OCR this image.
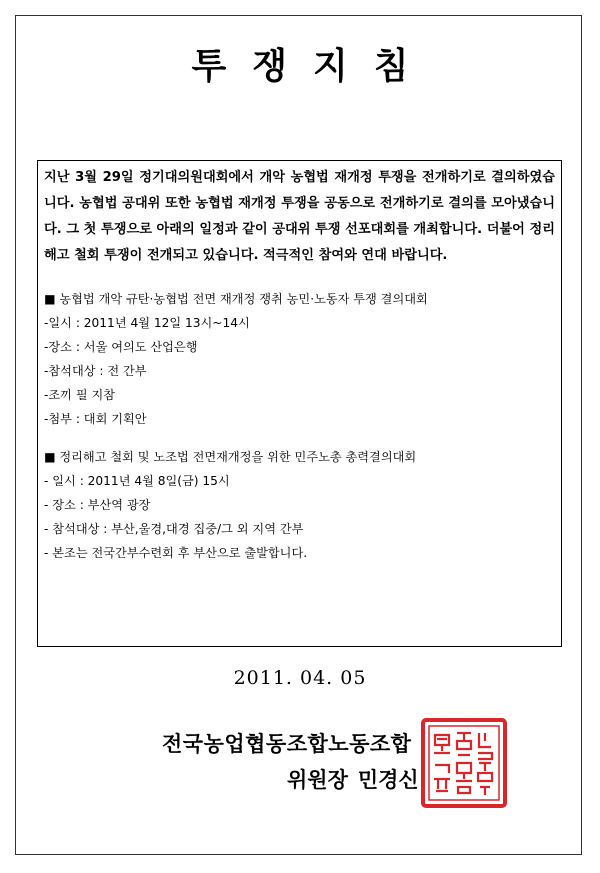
투쟁지침

지난 3월 29일 정기대의원대회에서 개악 농협법 재개정 투쟁을 전개하기로 결의하였습니다. 농협법 공대위 또한 농협법 재개정 투쟁을 공동으로 전개하기로 결의를 모아냈습니다. 그 첫 투쟁으로 아래의 일정과 같이 공대위 투쟁 선포대회를 개최합니다. 더불어 정리해고 철회 투쟁이 전개되고 있습니다. 적극적인 참여와 연대 바랍니다.

■ 농협법 개악 규탄·농협법 전면 재개정 쟁취 농민·노동자 투쟁 결의대회
-일시 : 2011년 4월 12일 13시~14시
-장소 : 서울 여의도 산업은행
-참석대상 : 전 간부
-조끼 필 지참
-첨부 : 대회 기획안
■ 정리해고 철회 및 노조법 전면재개정을 위한 민주노총 총력결의대회
- 일시 : 2011년 4월 8일(금) 15시
- 장소 : 부산역 광장
- 참석대상 : 부산,울경,대경 집중/그 외 지역 간부
- 본조는 전국간부수련회 후 부산으로 출발합니다.
2011. 04. 05
전국농업협동조합노동조합
위원장 민경신
